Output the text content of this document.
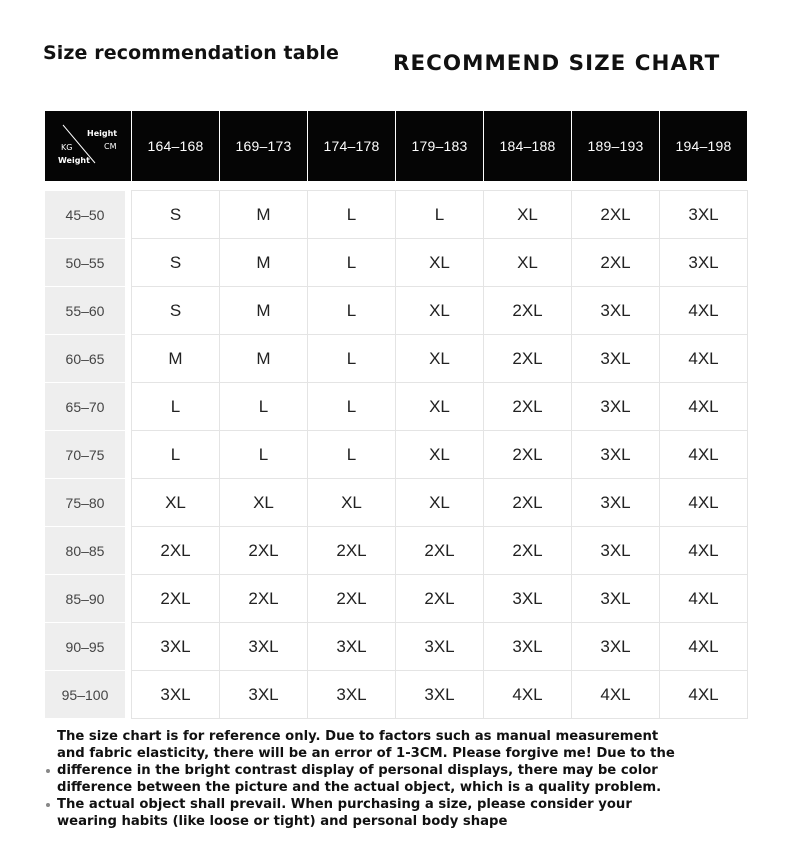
Size recommendation table	RECOMMEND SIZE CHART
Height
CM
KG
Weight
164–168	169–173	174–178	179–183	184–188	189–193	194–198
45–50	S	M	L	L	XL	2XL	3XL
50–55	S	M	L	XL	XL	2XL	3XL
55–60	S	M	L	XL	2XL	3XL	4XL
60–65	M	M	L	XL	2XL	3XL	4XL
65–70	L	L	L	XL	2XL	3XL	4XL
70–75	L	L	L	XL	2XL	3XL	4XL
75–80	XL	XL	XL	XL	2XL	3XL	4XL
80–85	2XL	2XL	2XL	2XL	2XL	3XL	4XL
85–90	2XL	2XL	2XL	2XL	3XL	3XL	4XL
90–95	3XL	3XL	3XL	3XL	3XL	3XL	4XL
95–100	3XL	3XL	3XL	3XL	4XL	4XL	4XL
The size chart is for reference only. Due to factors such as manual measurement
and fabric elasticity, there will be an error of 1-3CM. Please forgive me! Due to the
difference in the bright contrast display of personal displays, there may be color
difference between the picture and the actual object, which is a quality problem.
The actual object shall prevail. When purchasing a size, please consider your
wearing habits (like loose or tight) and personal body shape
